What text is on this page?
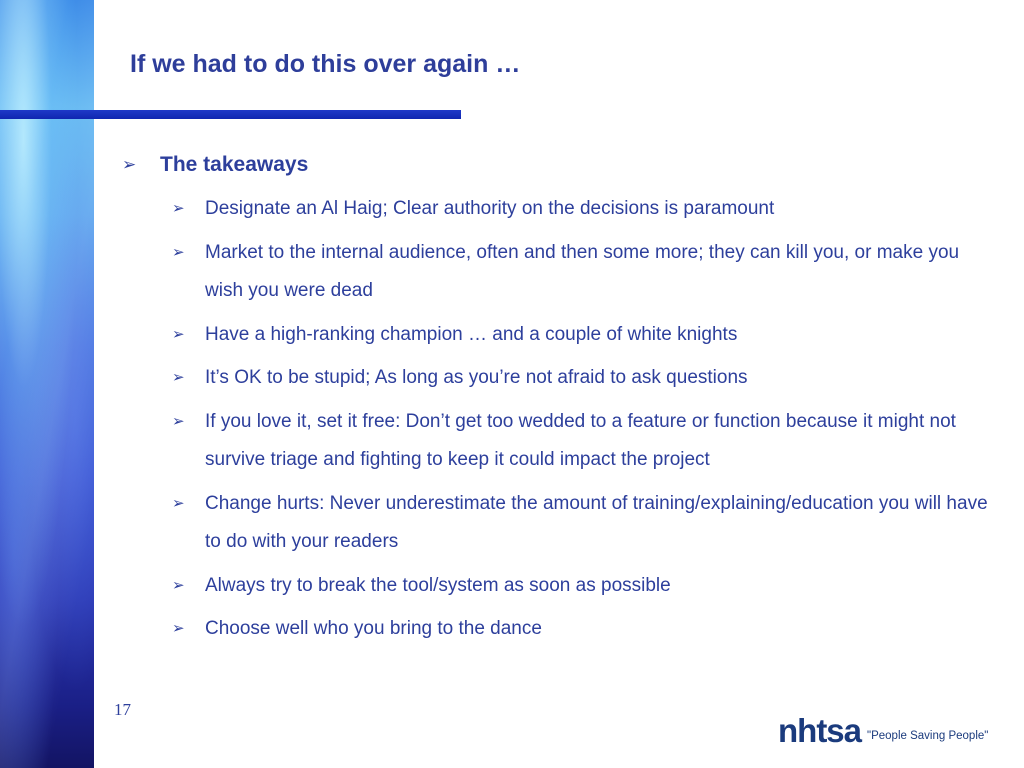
If we had to do this over again …
➢ The takeaways
➢ Designate an Al Haig; Clear authority on the decisions is paramount
➢ Market to the internal audience, often and then some more; they can kill you, or make you wish you were dead
➢ Have a high-ranking champion … and a couple of white knights
➢ It’s OK to be stupid; As long as you’re not afraid to ask questions
➢ If you love it, set it free: Don’t get too wedded to a feature or function because it might not survive triage and fighting to keep it could impact the project
➢ Change hurts: Never underestimate the amount of training/explaining/education you will have to do with your readers
➢ Always try to break the tool/system as soon as possible
➢ Choose well who you bring to the dance
17
nhtsa "People Saving People"
